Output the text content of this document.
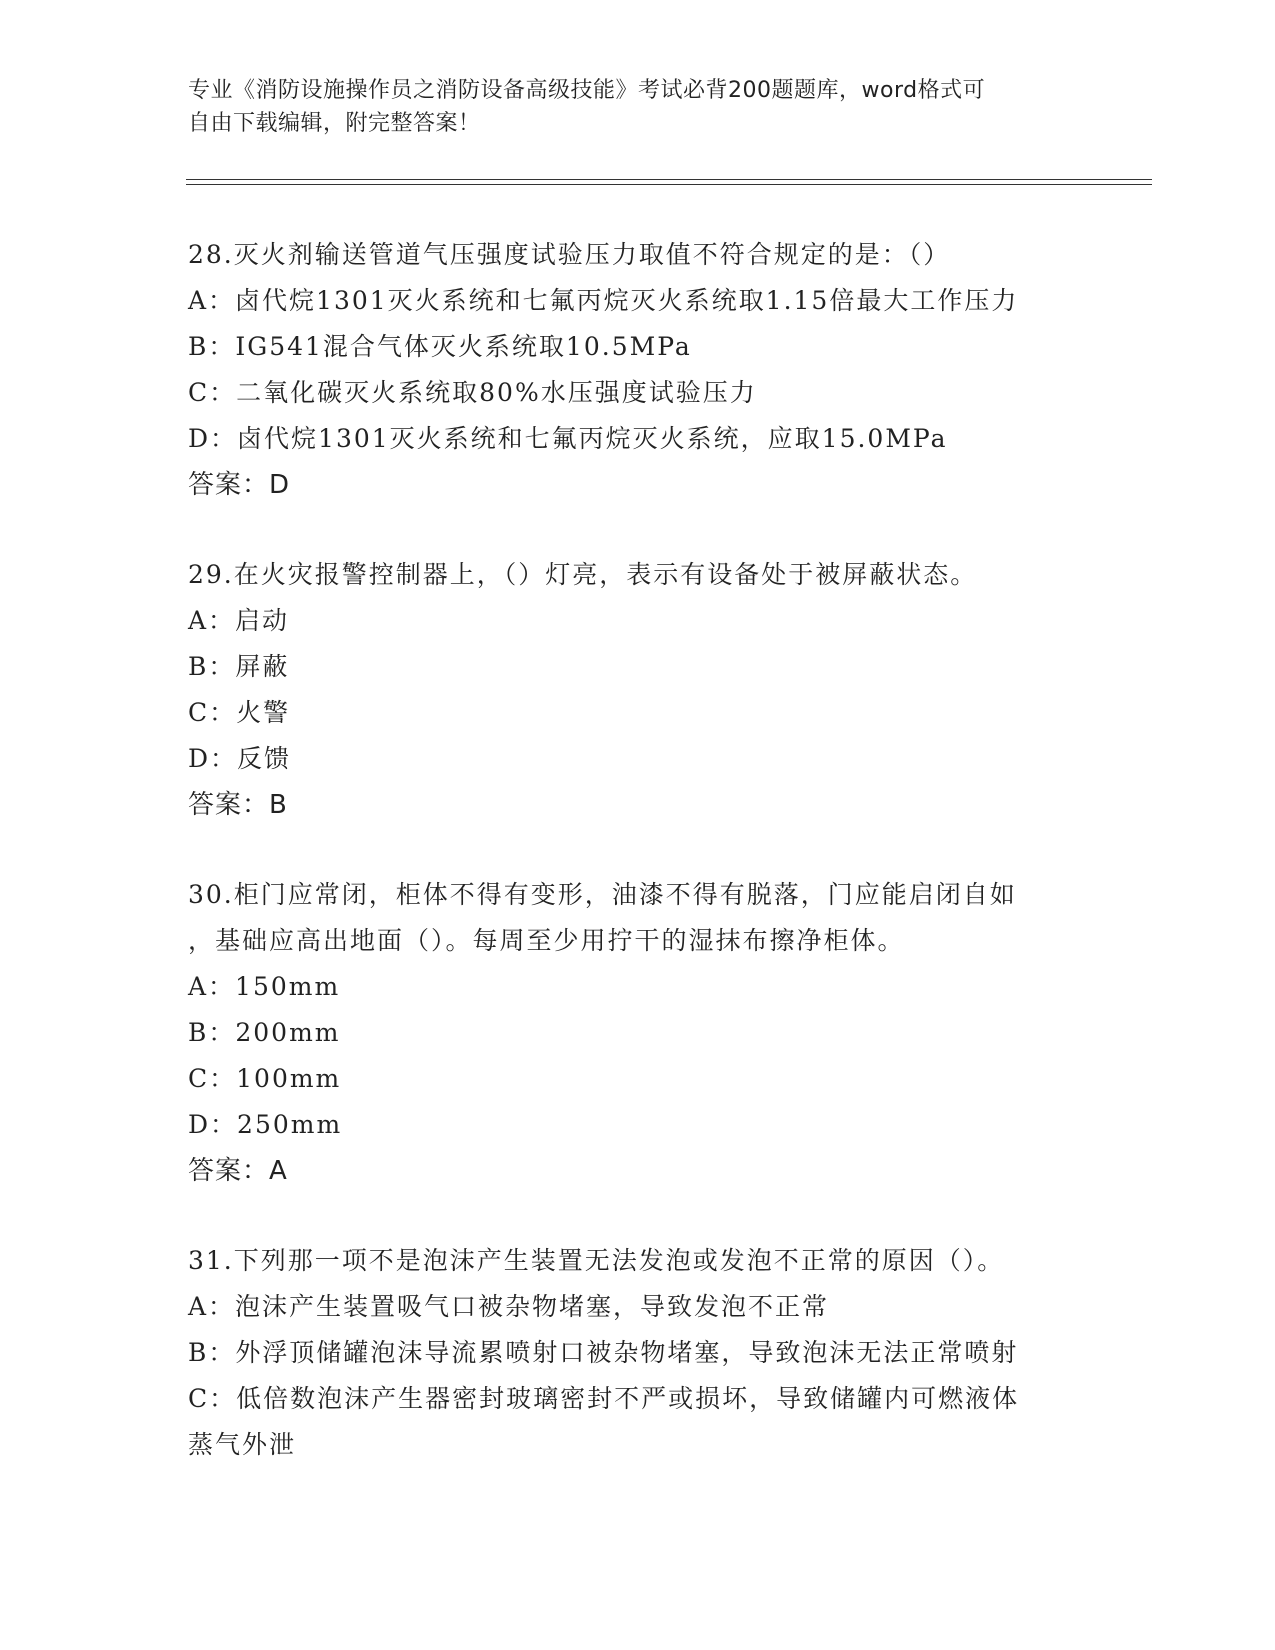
专业《消防设施操作员之消防设备高级技能》考试必背200题题库，word格式可
自由下载编辑，附完整答案！
28.灭火剂输送管道气压强度试验压力取值不符合规定的是：（）
A：卤代烷1301灭火系统和七氟丙烷灭火系统取1.15倍最大工作压力
B：IG541混合气体灭火系统取10.5MPa
C：二氧化碳灭火系统取80%水压强度试验压力
D：卤代烷1301灭火系统和七氟丙烷灭火系统，应取15.0MPa
答案：D
29.在火灾报警控制器上，（）灯亮，表示有设备处于被屏蔽状态。
A：启动
B：屏蔽
C：火警
D：反馈
答案：B
30.柜门应常闭，柜体不得有变形，油漆不得有脱落，门应能启闭自如
，基础应高出地面（）。每周至少用拧干的湿抹布擦净柜体。
A：150mm
B：200mm
C：100mm
D：250mm
答案：A
31.下列那一项不是泡沫产生装置无法发泡或发泡不正常的原因（）。
A：泡沫产生装置吸气口被杂物堵塞，导致发泡不正常
B：外浮顶储罐泡沫导流累喷射口被杂物堵塞，导致泡沫无法正常喷射
C：低倍数泡沫产生器密封玻璃密封不严或损坏，导致储罐内可燃液体
蒸气外泄
